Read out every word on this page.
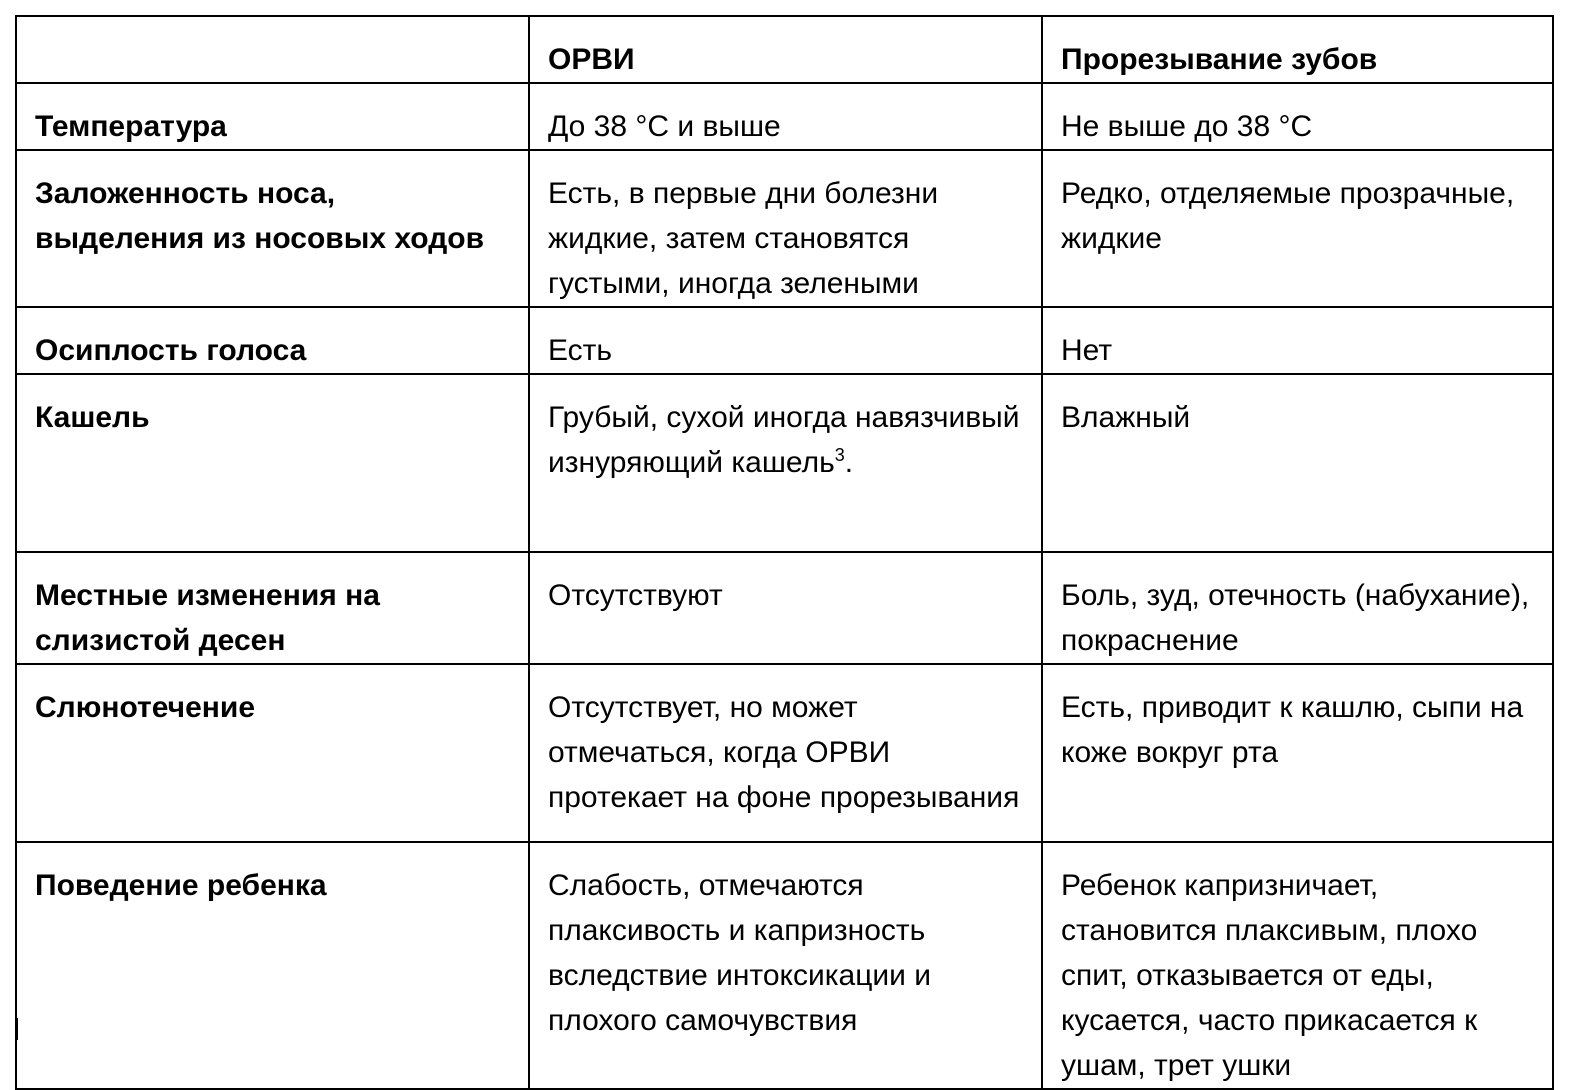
	ОРВИ	Прорезывание зубов
Температура	До 38 °C и выше	Не выше до 38 °C
Заложенность носа, выделения из носовых ходов	Есть, в первые дни болезни жидкие, затем становятся густыми, иногда зелеными	Редко, отделяемые прозрачные, жидкие
Осиплость голоса	Есть	Нет
Кашель	Грубый, сухой иногда навязчивый изнуряющий кашель$^3$.	Влажный
Местные изменения на слизистой десен	Отсутствуют	Боль, зуд, отечность (набухание), покраснение
Слюнотечение	Отсутствует, но может отмечаться, когда ОРВИ протекает на фоне прорезывания	Есть, приводит к кашлю, сыпи на коже вокруг рта
Поведение ребенка	Слабость, отмечаются плаксивость и капризность вследствие интоксикации и плохого самочувствия	Ребенок капризничает, становится плаксивым, плохо спит, отказывается от еды, кусается, часто прикасается к ушам, трет ушки
